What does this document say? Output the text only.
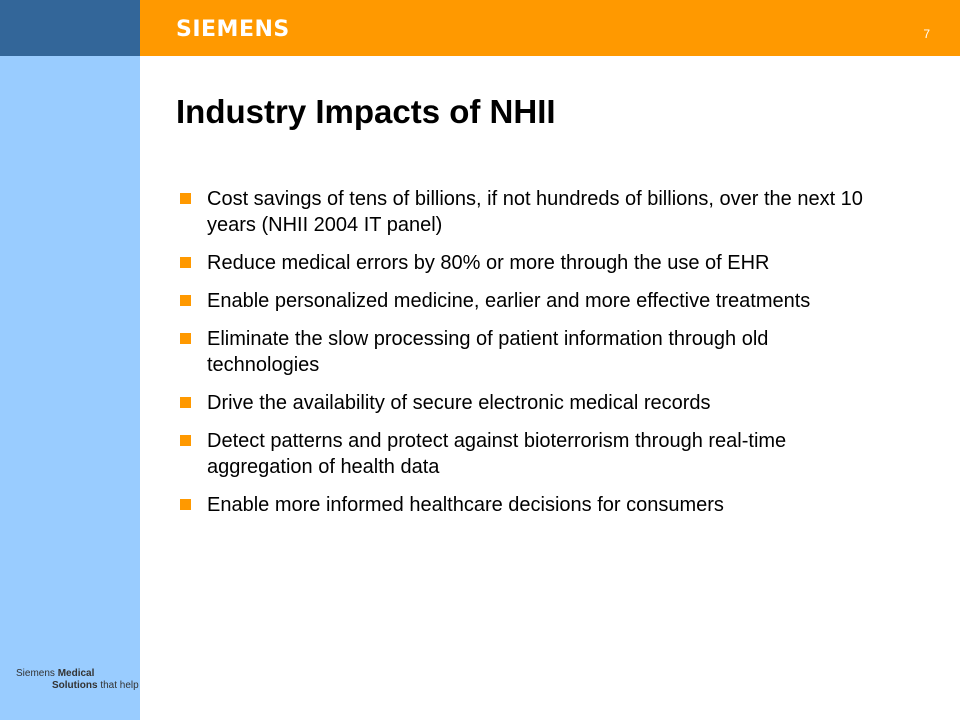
SIEMENS	7
Industry Impacts of NHII
Cost savings of tens of billions, if not hundreds of billions, over the next 10 years (NHII 2004 IT panel)
Reduce medical errors by 80% or more through the use of EHR
Enable personalized medicine, earlier and more effective treatments
Eliminate the slow processing of patient information through old technologies
Drive the availability of secure electronic medical records
Detect patterns and protect against bioterrorism through real-time aggregation of health data
Enable more informed healthcare decisions for consumers
Siemens Medical
Solutions that help
